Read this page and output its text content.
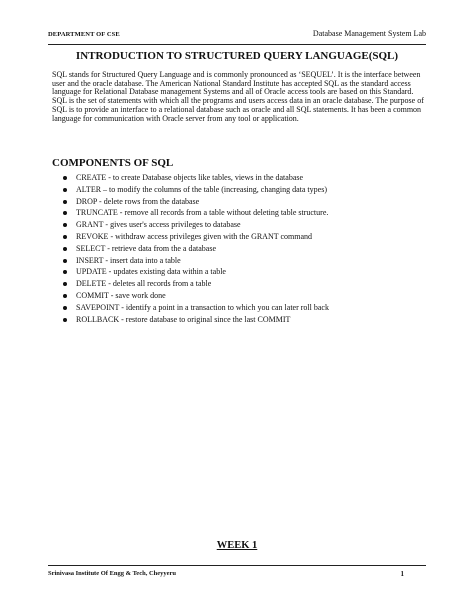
DEPARTMENT OF CSE	Database Management System Lab
INTRODUCTION TO STRUCTURED QUERY LANGUAGE(SQL)

SQL stands for Structured Query Language and is commonly pronounced as ‘SEQUEL’. It is the interface between user and the oracle database. The American National Standard Institute has accepted SQL as the standard access language for Relational Database management Systems and all of Oracle access tools are based on this Standard.

SQL is the set of statements with which all the programs and users access data in an oracle database. The purpose of SQL is to provide an interface to a relational database such as oracle and all SQL statements. It has been a common language for communication with Oracle server from any tool or application.

COMPONENTS OF SQL
CREATE - to create Database objects like tables, views in the database
ALTER – to modify the columns of the table (increasing, changing data types)
DROP - delete rows from the database
TRUNCATE - remove all records from a table without deleting table structure.
GRANT - gives user's access privileges to database
REVOKE - withdraw access privileges given with the GRANT command
SELECT - retrieve data from the a database
INSERT - insert data into a table
UPDATE - updates existing data within a table
DELETE - deletes all records from a table
COMMIT - save work done
SAVEPOINT - identify a point in a transaction to which you can later roll back
ROLLBACK - restore database to original since the last COMMIT
WEEK 1
Srinivasa Institute Of Engg & Tech, Cheyyeru	1
